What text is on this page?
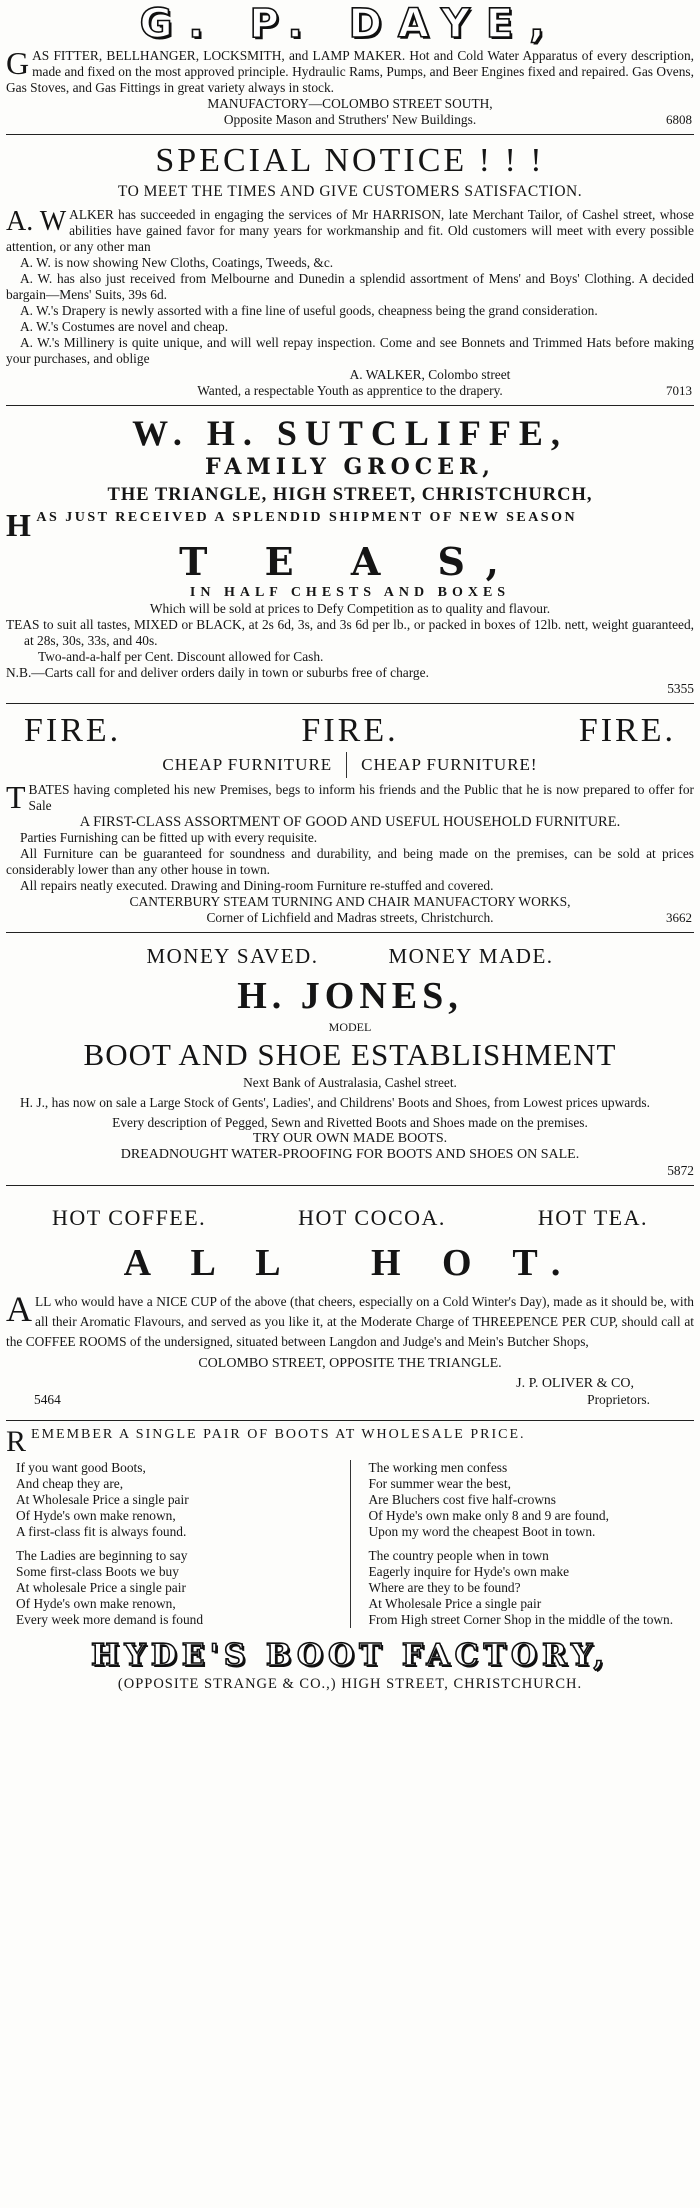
G. P. DAYE,
GAS FITTER, BELLHANGER, LOCKSMITH, and LAMP MAKER. Hot and Cold Water Apparatus of every description, made and fixed on the most approved principle. Hydraulic Rams, Pumps, and Beer Engines fixed and repaired. Gas Ovens, Gas Stoves, and Gas Fittings in great variety always in stock.
MANUFACTORY—COLOMBO STREET SOUTH,
Opposite Mason and Struthers' New Buildings.	6808
SPECIAL NOTICE ! ! !
TO MEET THE TIMES AND GIVE CUSTOMERS SATISFACTION.
A. W ALKER has succeeded in engaging the services of Mr HARRISON, late Merchant Tailor, of Cashel street, whose abilities have gained favor for many years for workmanship and fit. Old customers will meet with every possible attention, or any other man
A. W. is now showing New Cloths, Coatings, Tweeds, &c.
A. W. has also just received from Melbourne and Dunedin a splendid assortment of Mens' and Boys' Clothing. A decided bargain—Mens' Suits, 39s 6d.
A. W.'s Drapery is newly assorted with a fine line of useful goods, cheapness being the grand consideration.
A. W.'s Costumes are novel and cheap.
A. W.'s Millinery is quite unique, and will well repay inspection. Come and see Bonnets and Trimmed Hats before making your purchases, and oblige
A. WALKER, Colombo street
Wanted, a respectable Youth as apprentice to the drapery.	7013
W. H. SUTCLIFFE,
FAMILY GROCER,
THE TRIANGLE, HIGH STREET, CHRISTCHURCH,
HAS JUST RECEIVED A SPLENDID SHIPMENT OF NEW SEASON
T E A S,
IN HALF CHESTS AND BOXES
Which will be sold at prices to Defy Competition as to quality and flavour.
TEAS to suit all tastes, MIXED or BLACK, at 2s 6d, 3s, and 3s 6d per lb., or packed in boxes of 12lb. nett, weight guaranteed, at 28s, 30s, 33s, and 40s.
Two-and-a-half per Cent. Discount allowed for Cash.
N.B.—Carts call for and deliver orders daily in town or suburbs free of charge.
5355
FIRE.	FIRE.	FIRE.
CHEAP FURNITURE	CHEAP FURNITURE!
TBATES having completed his new Premises, begs to inform his friends and the Public that he is now prepared to offer for Sale
A FIRST-CLASS ASSORTMENT OF GOOD AND USEFUL HOUSEHOLD FURNITURE.
Parties Furnishing can be fitted up with every requisite.
All Furniture can be guaranteed for soundness and durability, and being made on the premises, can be sold at prices considerably lower than any other house in town.
All repairs neatly executed. Drawing and Dining-room Furniture re-stuffed and covered.
CANTERBURY STEAM TURNING AND CHAIR MANUFACTORY WORKS,
Corner of Lichfield and Madras streets, Christchurch.	3662
MONEY SAVED.	MONEY MADE.
H. JONES,
MODEL
BOOT AND SHOE ESTABLISHMENT
Next Bank of Australasia, Cashel street.
H. J., has now on sale a Large Stock of Gents', Ladies', and Childrens' Boots and Shoes, from Lowest prices upwards.
Every description of Pegged, Sewn and Rivetted Boots and Shoes made on the premises.
TRY OUR OWN MADE BOOTS.
DREADNOUGHT WATER-PROOFING FOR BOOTS AND SHOES ON SALE.
5872
HOT COFFEE.	HOT COCOA.	HOT TEA.
A L L   H O T.
ALL who would have a NICE CUP of the above (that cheers, especially on a Cold Winter's Day), made as it should be, with all their Aromatic Flavours, and served as you like it, at the Moderate Charge of THREEPENCE PER CUP, should call at the COFFEE ROOMS of the undersigned, situated between Langdon and Judge's and Mein's Butcher Shops,
COLOMBO STREET, OPPOSITE THE TRIANGLE.
J. P. OLIVER & CO,
5464	Proprietors.
REMEMBER A SINGLE PAIR OF BOOTS AT WHOLESALE PRICE.
If you want good Boots,
And cheap they are,
At Wholesale Price a single pair
Of Hyde's own make renown,
A first-class fit is always found.
The Ladies are beginning to say
Some first-class Boots we buy
At wholesale Price a single pair
Of Hyde's own make renown,
Every week more demand is found
The working men confess
For summer wear the best,
Are Bluchers cost five half-crowns
Of Hyde's own make only 8 and 9 are found,
Upon my word the cheapest Boot in town.
The country people when in town
Eagerly inquire for Hyde's own make
Where are they to be found?
At Wholesale Price a single pair
From High street Corner Shop in the middle of the town.
HYDE'S BOOT FACTORY,
(OPPOSITE STRANGE & CO.,) HIGH STREET, CHRISTCHURCH.
